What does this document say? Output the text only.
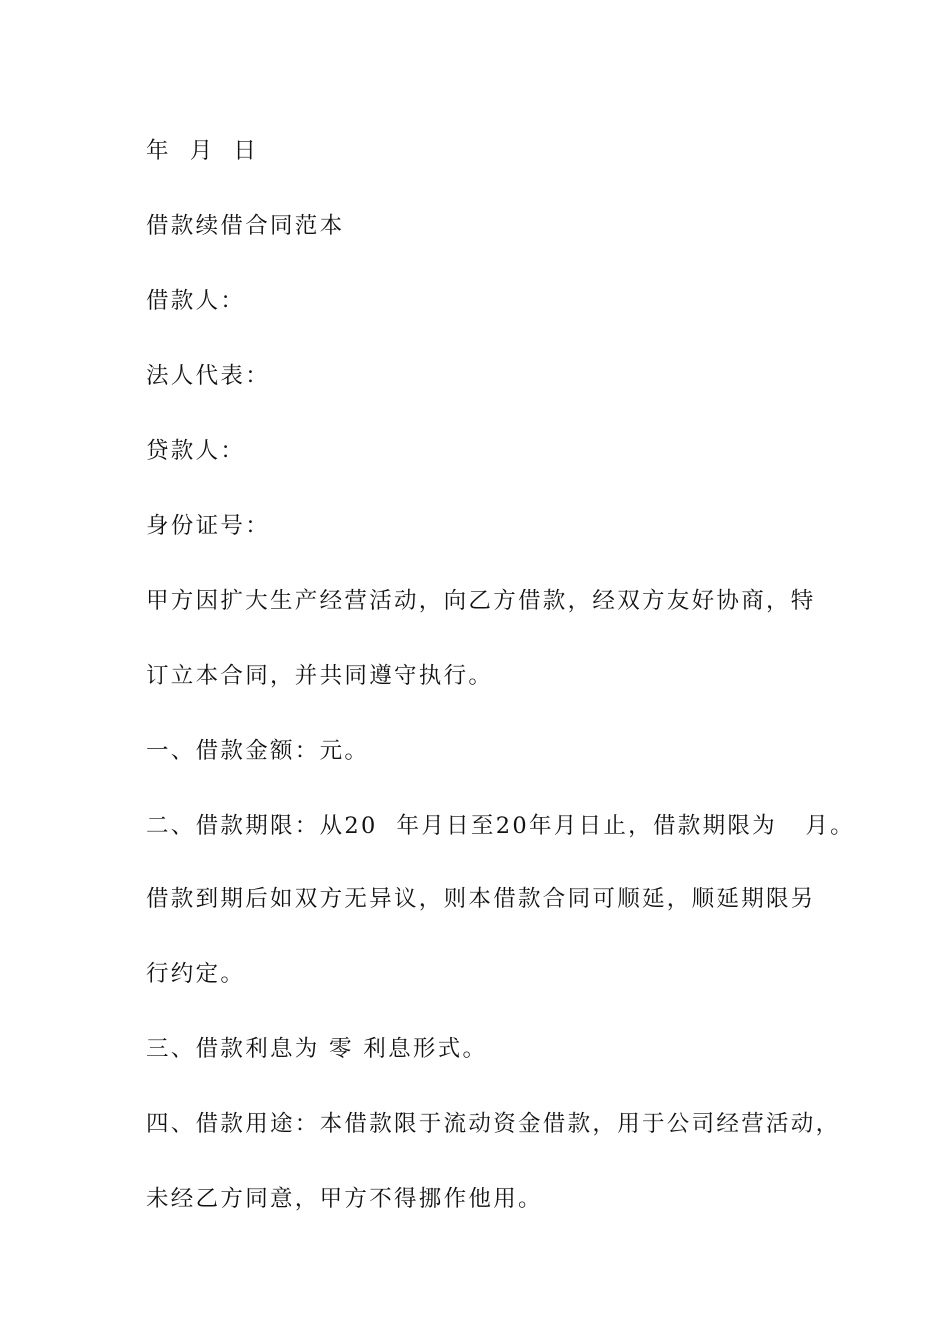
年  月  日

借款续借合同范本

借款人：

法人代表：

贷款人：

身份证号：

甲方因扩大生产经营活动，向乙方借款，经双方友好协商，特

订立本合同，并共同遵守执行。

一、借款金额：元。

二、借款期限：从20  年月日至20年月日止，借款期限为   月。

借款到期后如双方无异议，则本借款合同可顺延，顺延期限另

行约定。

三、借款利息为 零 利息形式。

四、借款用途：本借款限于流动资金借款，用于公司经营活动，

未经乙方同意，甲方不得挪作他用。
